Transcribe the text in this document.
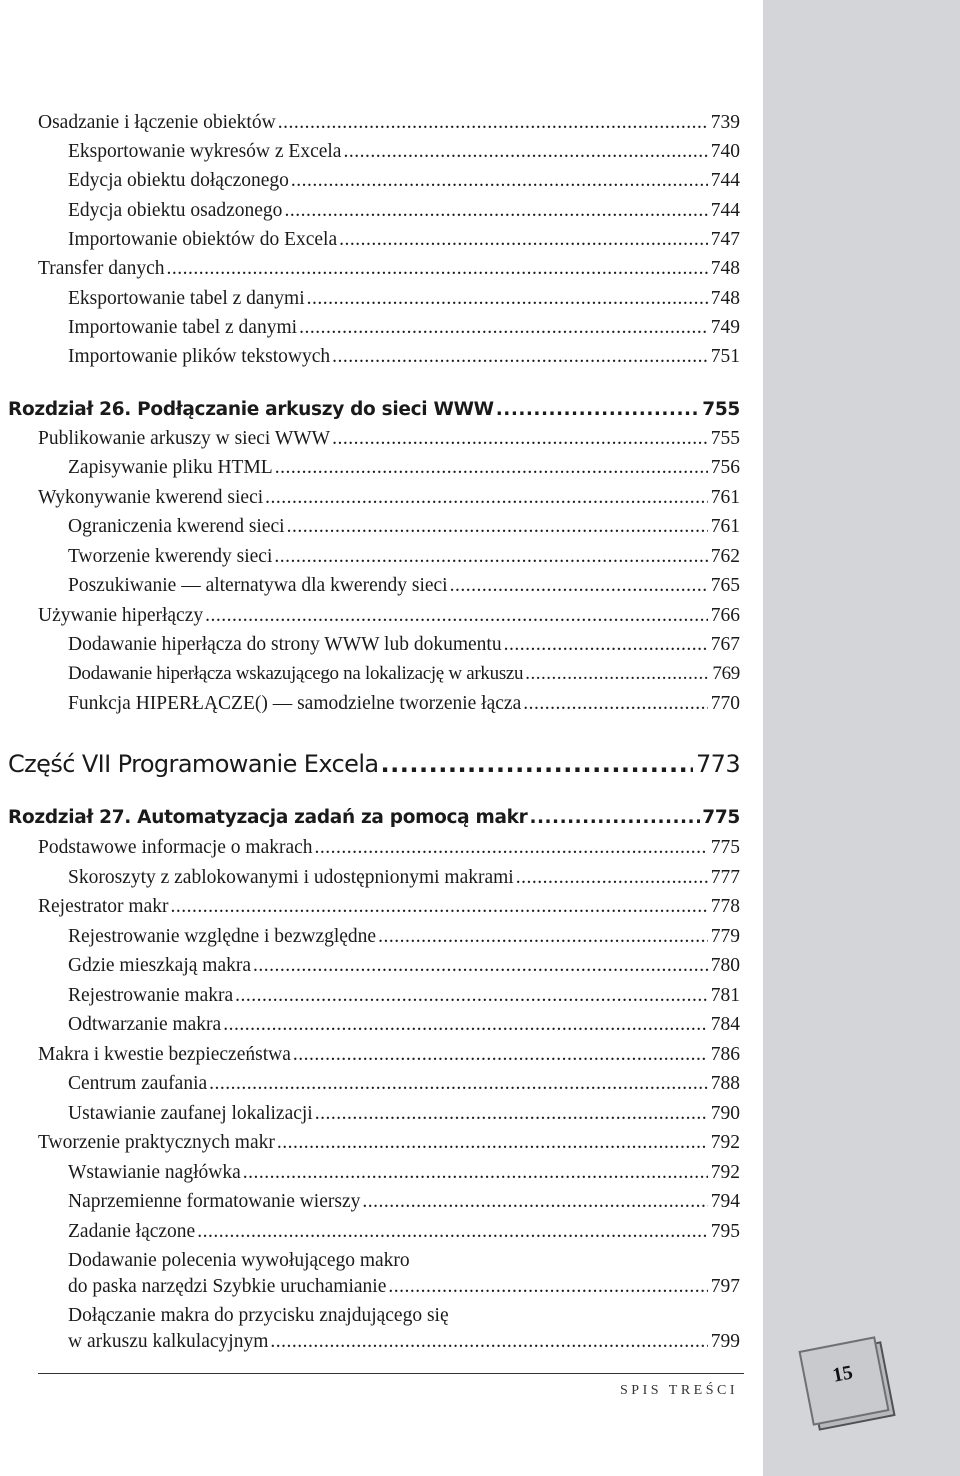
Osadzanie i łączenie obiektów .....	739
Eksportowanie wykresów z Excela .....	740
Edycja obiektu dołączonego .....	744
Edycja obiektu osadzonego .....	744
Importowanie obiektów do Excela .....	747
Transfer danych .....	748
Eksportowanie tabel z danymi .....	748
Importowanie tabel z danymi .....	749
Importowanie plików tekstowych .....	751
Rozdział 26. Podłączanie arkuszy do sieci WWW .....	755
Publikowanie arkuszy w sieci WWW .....	755
Zapisywanie pliku HTML .....	756
Wykonywanie kwerend sieci .....	761
Ograniczenia kwerend sieci .....	761
Tworzenie kwerendy sieci .....	762
Poszukiwanie — alternatywa dla kwerendy sieci .....	765
Używanie hiperłączy .....	766
Dodawanie hiperłącza do strony WWW lub dokumentu .....	767
Dodawanie hiperłącza wskazującego na lokalizację w arkuszu .....	769
Funkcja HIPERŁĄCZE() — samodzielne tworzenie łącza .....	770
Część VII Programowanie Excela .....	773
Rozdział 27. Automatyzacja zadań za pomocą makr .....	775
Podstawowe informacje o makrach .....	775
Skoroszyty z zablokowanymi i udostępnionymi makrami .....	777
Rejestrator makr .....	778
Rejestrowanie względne i bezwzględne .....	779
Gdzie mieszkają makra .....	780
Rejestrowanie makra .....	781
Odtwarzanie makra .....	784
Makra i kwestie bezpieczeństwa .....	786
Centrum zaufania .....	788
Ustawianie zaufanej lokalizacji .....	790
Tworzenie praktycznych makr .....	792
Wstawianie nagłówka .....	792
Naprzemienne formatowanie wierszy .....	794
Zadanie łączone .....	795
Dodawanie polecenia wywołującego makro
do paska narzędzi Szybkie uruchamianie .....	797
Dołączanie makra do przycisku znajdującego się
w arkuszu kalkulacyjnym .....	799
SPIS TREŚCI
15
